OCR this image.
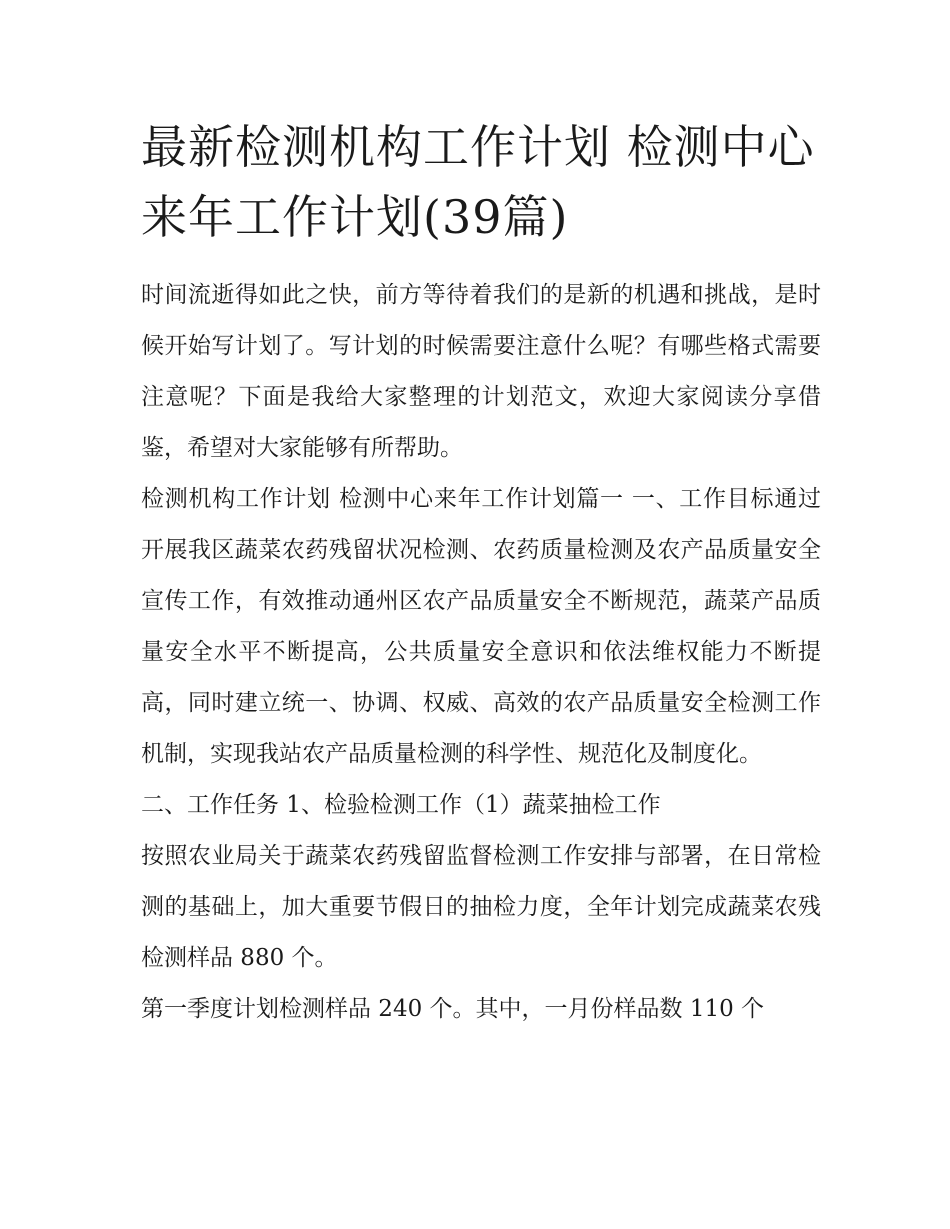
最新检测机构工作计划 检测中心来年工作计划(39篇)

时间流逝得如此之快，前方等待着我们的是新的机遇和挑战，是时候开始写计划了。写计划的时候需要注意什么呢？有哪些格式需要注意呢？下面是我给大家整理的计划范文，欢迎大家阅读分享借鉴，希望对大家能够有所帮助。

检测机构工作计划 检测中心来年工作计划篇一 一、工作目标通过开展我区蔬菜农药残留状况检测、农药质量检测及农产品质量安全宣传工作，有效推动通州区农产品质量安全不断规范，蔬菜产品质量安全水平不断提高，公共质量安全意识和依法维权能力不断提高，同时建立统一、协调、权威、高效的农产品质量安全检测工作机制，实现我站农产品质量检测的科学性、规范化及制度化。

二、工作任务 1、检验检测工作（1）蔬菜抽检工作

按照农业局关于蔬菜农药残留监督检测工作安排与部署，在日常检测的基础上，加大重要节假日的抽检力度，全年计划完成蔬菜农残检测样品 880 个。

第一季度计划检测样品 240 个。其中，一月份样品数 110 个
